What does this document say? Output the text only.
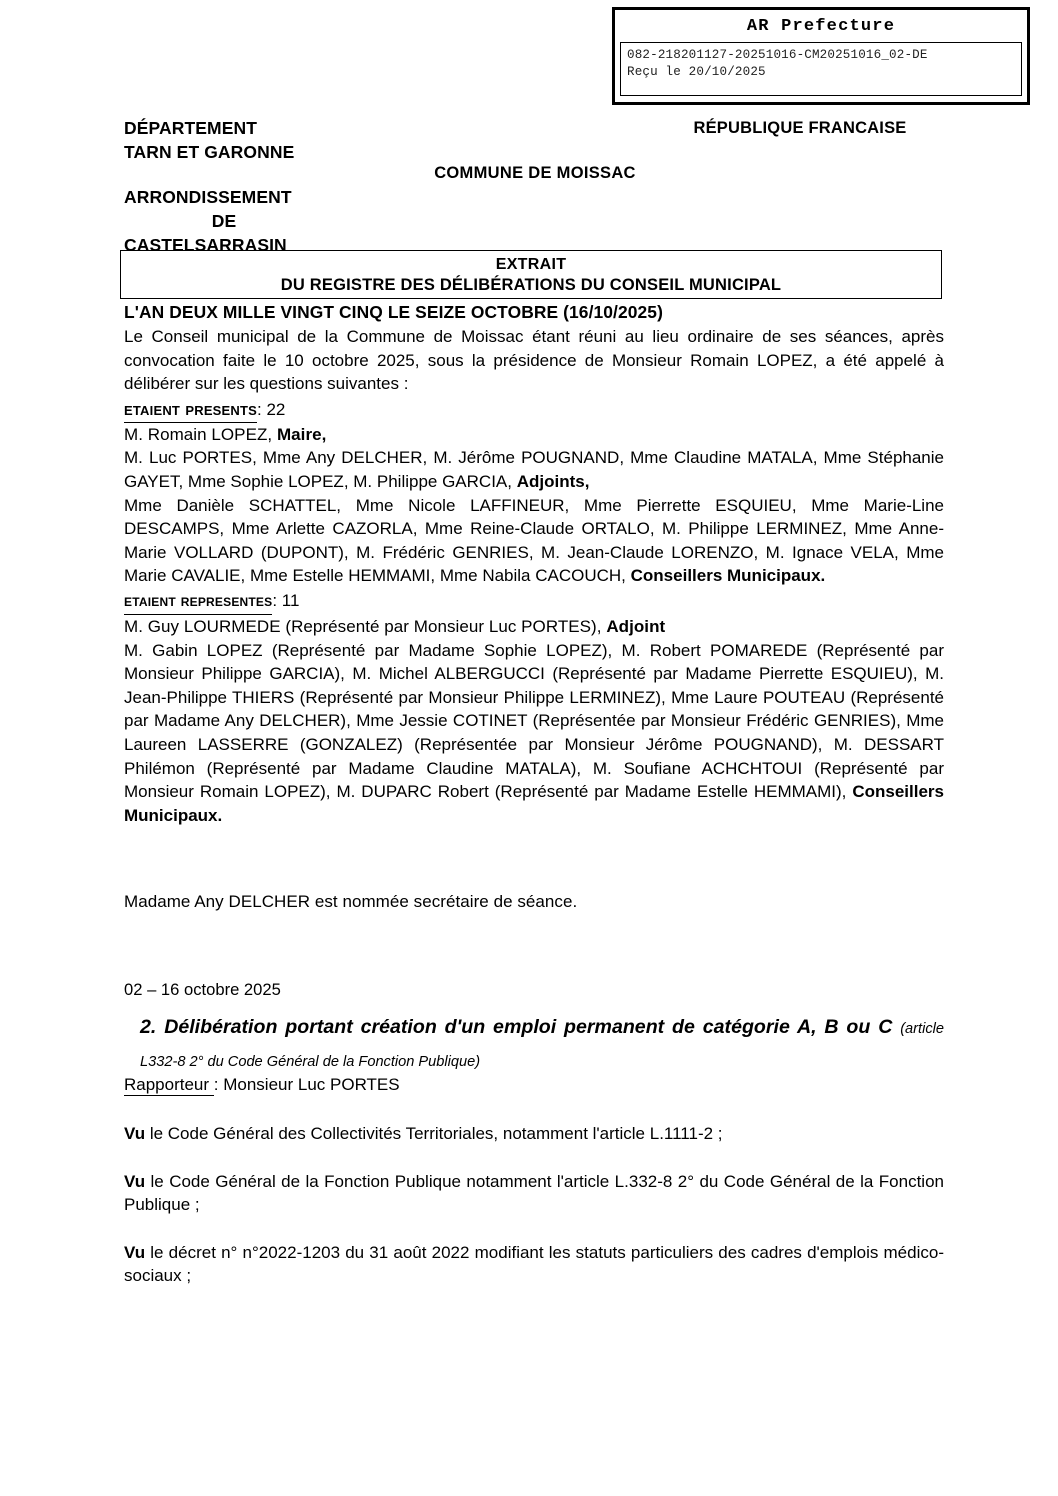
AR Prefecture
082-218201127-20251016-CM20251016_02-DE
Reçu le 20/10/2025
DÉPARTEMENT
TARN ET GARONNE
ARRONDISSEMENT
DE
CASTELSARRASIN
RÉPUBLIQUE FRANCAISE
COMMUNE DE MOISSAC
EXTRAIT
DU REGISTRE DES DÉLIBÉRATIONS DU CONSEIL MUNICIPAL
L'AN DEUX MILLE VINGT CINQ LE SEIZE OCTOBRE (16/10/2025)
Le Conseil municipal de la Commune de Moissac étant réuni au lieu ordinaire de ses séances, après convocation faite le 10 octobre 2025, sous la présidence de Monsieur Romain LOPEZ, a été appelé à délibérer sur les questions suivantes :
etaient presents: 22
M. Romain LOPEZ, Maire,
M. Luc PORTES, Mme Any DELCHER, M. Jérôme POUGNAND, Mme Claudine MATALA, Mme Stéphanie GAYET, Mme Sophie LOPEZ, M. Philippe GARCIA, Adjoints,
Mme Danièle SCHATTEL, Mme Nicole LAFFINEUR, Mme Pierrette ESQUIEU, Mme Marie-Line DESCAMPS, Mme Arlette CAZORLA, Mme Reine-Claude ORTALO, M. Philippe LERMINEZ, Mme Anne-Marie VOLLARD (DUPONT), M. Frédéric GENRIES, M. Jean-Claude LORENZO, M. Ignace VELA, Mme Marie CAVALIE, Mme Estelle HEMMAMI, Mme Nabila CACOUCH, Conseillers Municipaux.
etaient representes: 11
M. Guy LOURMEDE (Représenté par Monsieur Luc PORTES), Adjoint
M. Gabin LOPEZ (Représenté par Madame Sophie LOPEZ), M. Robert POMAREDE (Représenté par Monsieur Philippe GARCIA), M. Michel ALBERGUCCI (Représenté par Madame Pierrette ESQUIEU), M. Jean-Philippe THIERS (Représenté par Monsieur Philippe LERMINEZ), Mme Laure POUTEAU (Représenté par Madame Any DELCHER), Mme Jessie COTINET (Représentée par Monsieur Frédéric GENRIES), Mme Laureen LASSERRE (GONZALEZ) (Représentée par Monsieur Jérôme POUGNAND), M. DESSART Philémon (Représenté par Madame Claudine MATALA), M. Soufiane ACHCHTOUI (Représenté par Monsieur Romain LOPEZ), M. DUPARC Robert (Représenté par Madame Estelle HEMMAMI), Conseillers Municipaux.
Madame Any DELCHER est nommée secrétaire de séance.
02 – 16 octobre 2025
2. Délibération portant création d'un emploi permanent de catégorie A, B ou C (article L332-8 2° du Code Général de la Fonction Publique)
Rapporteur : Monsieur Luc PORTES
Vu le Code Général des Collectivités Territoriales, notamment l'article L.1111-2 ;
Vu le Code Général de la Fonction Publique notamment l'article L.332-8 2° du Code Général de la Fonction Publique ;
Vu le décret n° n°2022-1203 du 31 août 2022 modifiant les statuts particuliers des cadres d'emplois médico-sociaux ;
